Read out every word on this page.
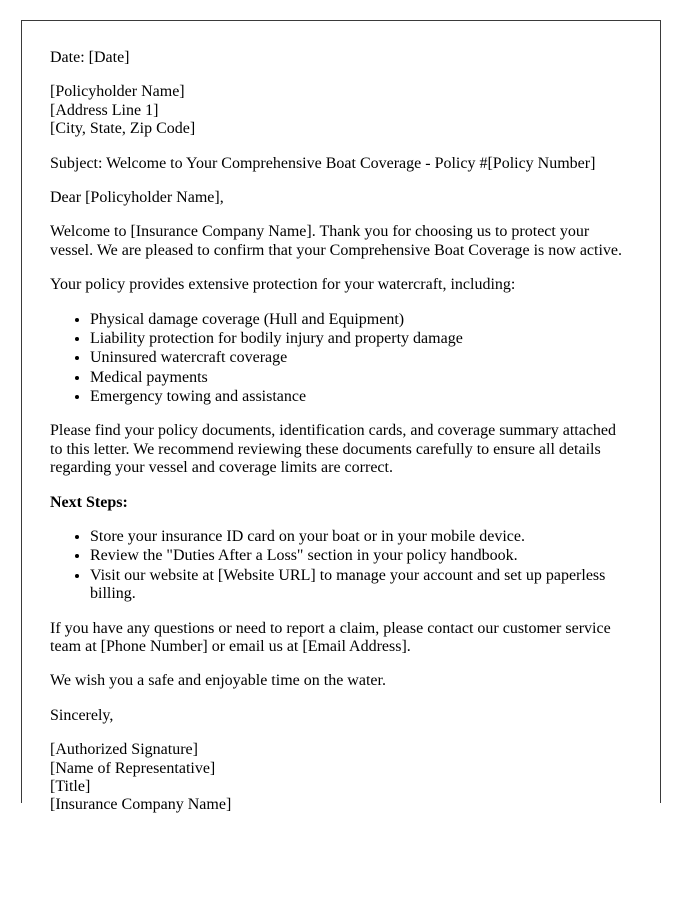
Date: [Date]

[Policyholder Name]
[Address Line 1]
[City, State, Zip Code]

Subject: Welcome to Your Comprehensive Boat Coverage - Policy #[Policy Number]

Dear [Policyholder Name],

Welcome to [Insurance Company Name]. Thank you for choosing us to protect your vessel. We are pleased to confirm that your Comprehensive Boat Coverage is now active.

Your policy provides extensive protection for your watercraft, including:

• Physical damage coverage (Hull and Equipment)
• Liability protection for bodily injury and property damage
• Uninsured watercraft coverage
• Medical payments
• Emergency towing and assistance

Please find your policy documents, identification cards, and coverage summary attached to this letter. We recommend reviewing these documents carefully to ensure all details regarding your vessel and coverage limits are correct.

Next Steps:

• Store your insurance ID card on your boat or in your mobile device.
• Review the "Duties After a Loss" section in your policy handbook.
• Visit our website at [Website URL] to manage your account and set up paperless billing.

If you have any questions or need to report a claim, please contact our customer service team at [Phone Number] or email us at [Email Address].

We wish you a safe and enjoyable time on the water.

Sincerely,

[Authorized Signature]
[Name of Representative]
[Title]
[Insurance Company Name]
